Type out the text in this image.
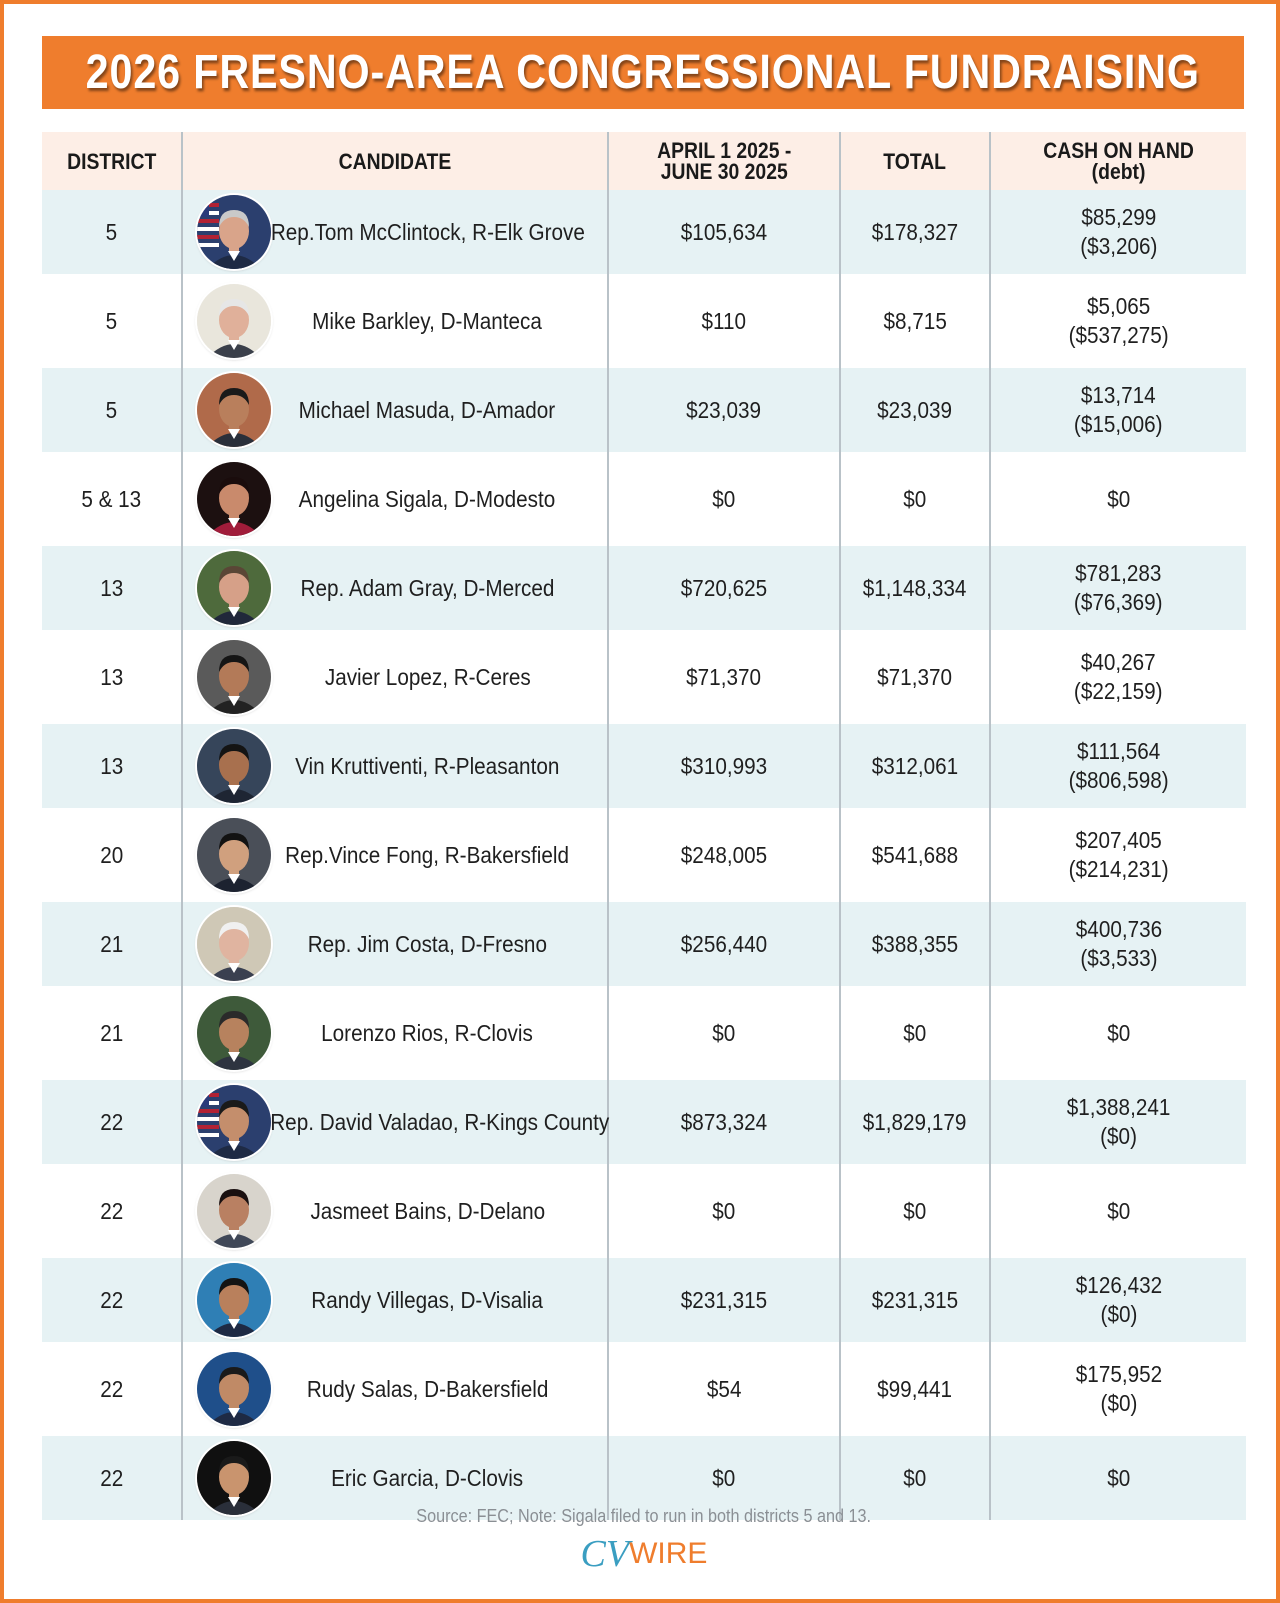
2026 FRESNO-AREA CONGRESSIONAL FUNDRAISING
DISTRICT	CANDIDATE	APRIL 1 2025 -
JUNE 30 2025	TOTAL	CASH ON HAND
(debt)
5	Rep.Tom McClintock, R-Elk Grove	$105,634	$178,327	$85,299
($3,206)
5	Mike Barkley, D-Manteca	$110	$8,715	$5,065
($537,275)
5	Michael Masuda, D-Amador	$23,039	$23,039	$13,714
($15,006)
5 & 13	Angelina Sigala, D-Modesto	$0	$0	$0
13	Rep. Adam Gray, D-Merced	$720,625	$1,148,334	$781,283
($76,369)
13	Javier Lopez, R-Ceres	$71,370	$71,370	$40,267
($22,159)
13	Vin Kruttiventi, R-Pleasanton	$310,993	$312,061	$111,564
($806,598)
20	Rep.Vince Fong, R-Bakersfield	$248,005	$541,688	$207,405
($214,231)
21	Rep. Jim Costa, D-Fresno	$256,440	$388,355	$400,736
($3,533)
21	Lorenzo Rios, R-Clovis	$0	$0	$0
22	Rep. David Valadao, R-Kings County	$873,324	$1,829,179	$1,388,241
($0)
22	Jasmeet Bains, D-Delano	$0	$0	$0
22	Randy Villegas, D-Visalia	$231,315	$231,315	$126,432
($0)
22	Rudy Salas, D-Bakersfield	$54	$99,441	$175,952
($0)
22	Eric Garcia, D-Clovis	$0	$0	$0
Source: FEC; Note: Sigala filed to run in both districts 5 and 13.
CVWIRE
